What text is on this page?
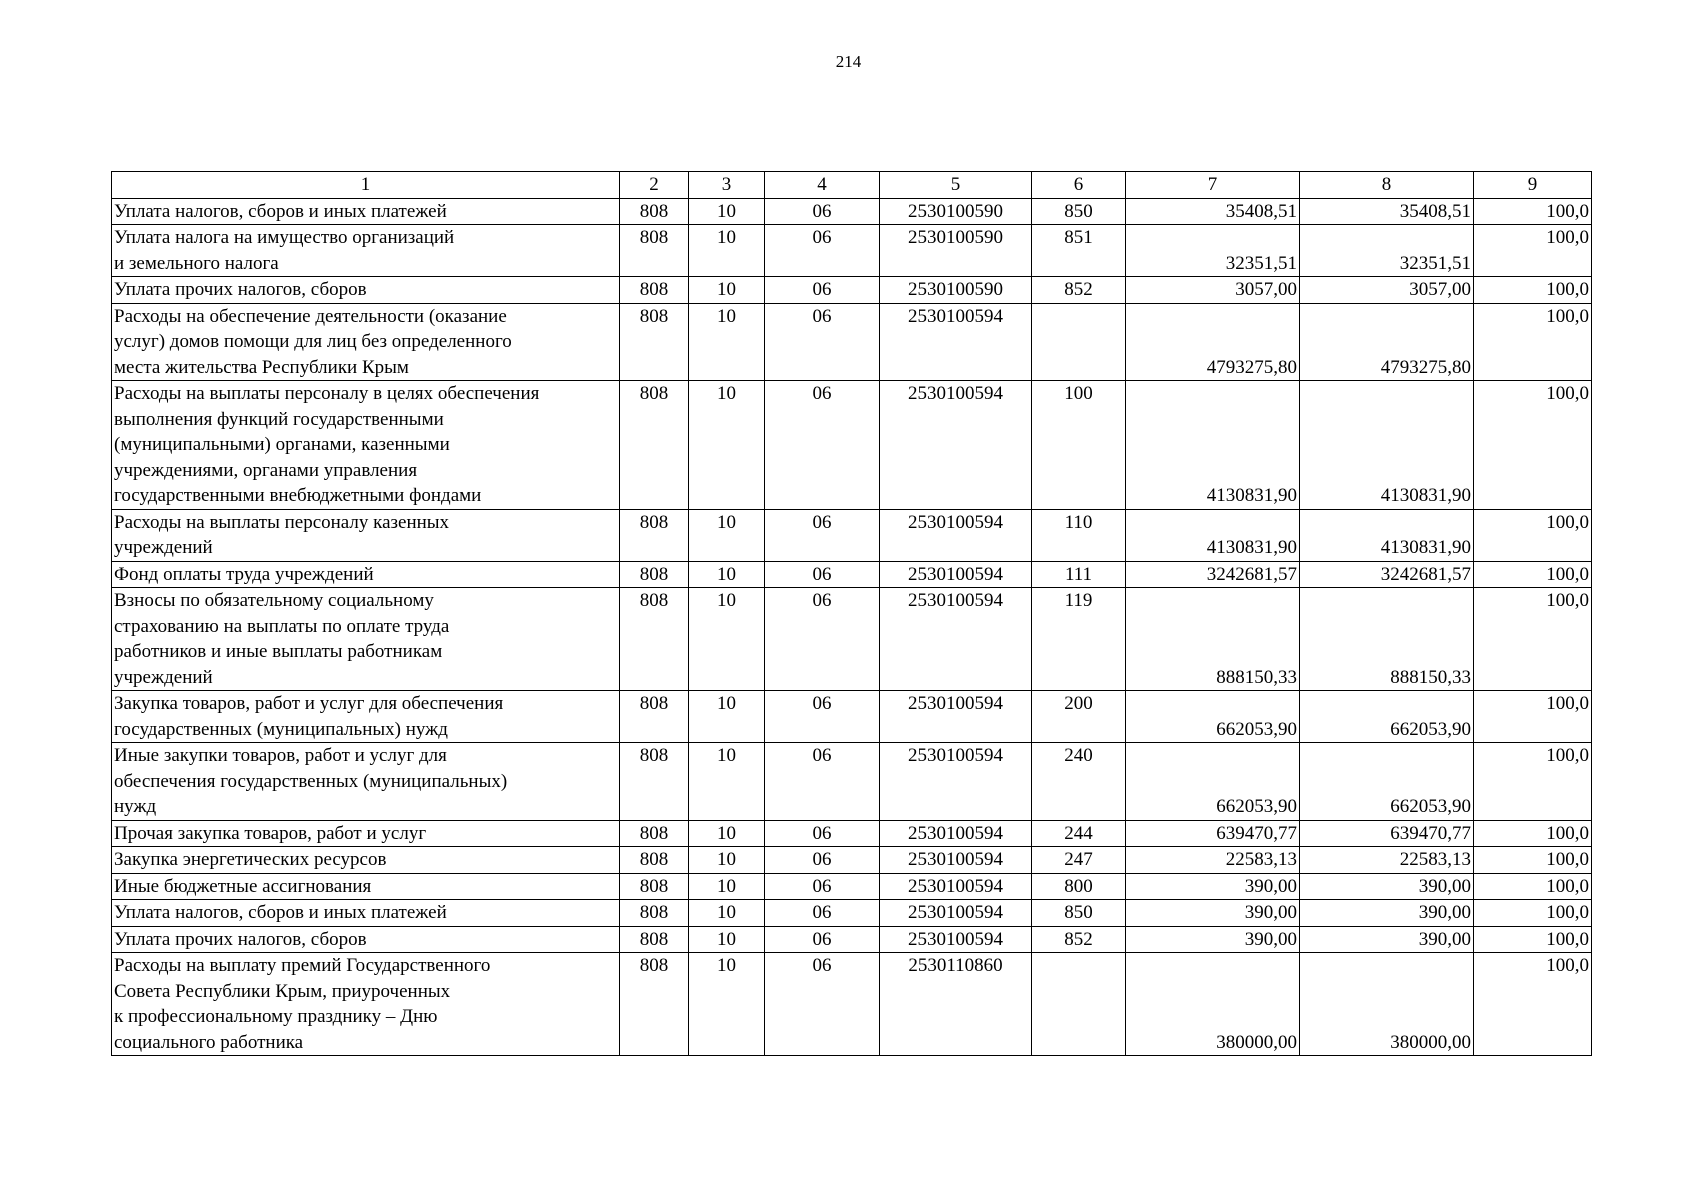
214
1	2	3	4	5	6	7	8	9
Уплата налогов, сборов и иных платежей	808	10	06	2530100590	850	35408,51	35408,51	100,0
Уплата налога на имущество организаций
и земельного налога	808	10	06	2530100590	851	32351,51	32351,51	100,0
Уплата прочих налогов, сборов	808	10	06	2530100590	852	3057,00	3057,00	100,0
Расходы на обеспечение деятельности (оказание
услуг) домов помощи для лиц без определенного
места жительства Республики Крым	808	10	06	2530100594		4793275,80	4793275,80	100,0
Расходы на выплаты персоналу в целях обеспечения
выполнения функций государственными
(муниципальными) органами, казенными
учреждениями, органами управления
государственными внебюджетными фондами	808	10	06	2530100594	100	4130831,90	4130831,90	100,0
Расходы на выплаты персоналу казенных
учреждений	808	10	06	2530100594	110	4130831,90	4130831,90	100,0
Фонд оплаты труда учреждений	808	10	06	2530100594	111	3242681,57	3242681,57	100,0
Взносы по обязательному социальному
страхованию на выплаты по оплате труда
работников и иные выплаты работникам
учреждений	808	10	06	2530100594	119	888150,33	888150,33	100,0
Закупка товаров, работ и услуг для обеспечения
государственных (муниципальных) нужд	808	10	06	2530100594	200	662053,90	662053,90	100,0
Иные закупки товаров, работ и услуг для
обеспечения государственных (муниципальных)
нужд	808	10	06	2530100594	240	662053,90	662053,90	100,0
Прочая закупка товаров, работ и услуг	808	10	06	2530100594	244	639470,77	639470,77	100,0
Закупка энергетических ресурсов	808	10	06	2530100594	247	22583,13	22583,13	100,0
Иные бюджетные ассигнования	808	10	06	2530100594	800	390,00	390,00	100,0
Уплата налогов, сборов и иных платежей	808	10	06	2530100594	850	390,00	390,00	100,0
Уплата прочих налогов, сборов	808	10	06	2530100594	852	390,00	390,00	100,0
Расходы на выплату премий Государственного
Совета Республики Крым, приуроченных
к профессиональному празднику – Дню
социального работника	808	10	06	2530110860		380000,00	380000,00	100,0
